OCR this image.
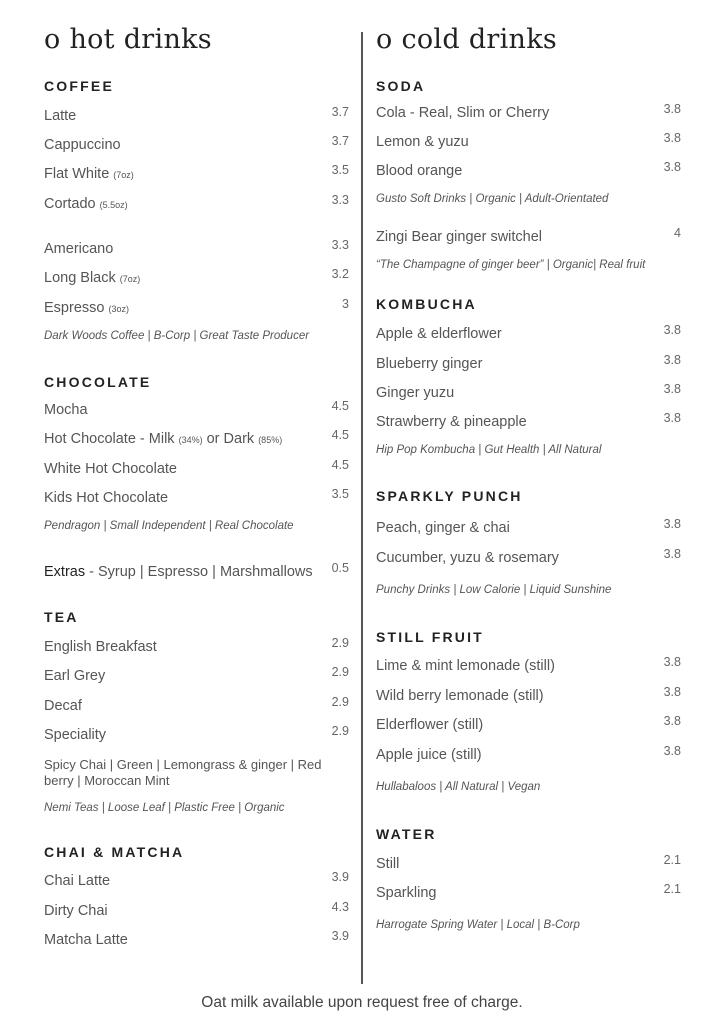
o hot drinks
COFFEE
Latte	3.7
Cappuccino	3.7
Flat White (7oz)	3.5
Cortado (5.5oz)	3.3
Americano	3.3
Long Black (7oz)	3.2
Espresso (3oz)	3
Dark Woods Coffee | B-Corp | Great Taste Producer
CHOCOLATE
Mocha	4.5
Hot Chocolate - Milk (34%) or Dark (85%)	4.5
White Hot Chocolate	4.5
Kids Hot Chocolate	3.5
Pendragon | Small Independent | Real Chocolate
Extras - Syrup | Espresso | Marshmallows 0.5
TEA
English Breakfast	2.9
Earl Grey	2.9
Decaf	2.9
Speciality	2.9
Spicy Chai | Green | Lemongrass & ginger | Red berry | Moroccan Mint
Nemi Teas | Loose Leaf | Plastic Free | Organic
CHAI & MATCHA
Chai Latte	3.9
Dirty Chai	4.3
Matcha Latte	3.9
o cold drinks
SODA
Cola - Real, Slim or Cherry	3.8
Lemon & yuzu	3.8
Blood orange	3.8
Gusto Soft Drinks | Organic | Adult-Orientated
Zingi Bear ginger switchel	4
“The Champagne of ginger beer” | Organic| Real fruit
KOMBUCHA
Apple & elderflower	3.8
Blueberry ginger	3.8
Ginger yuzu	3.8
Strawberry & pineapple	3.8
Hip Pop Kombucha | Gut Health | All Natural
SPARKLY PUNCH
Peach, ginger & chai	3.8
Cucumber, yuzu & rosemary	3.8
Punchy Drinks | Low Calorie | Liquid Sunshine
STILL FRUIT
Lime & mint lemonade (still)	3.8
Wild berry lemonade (still)	3.8
Elderflower (still)	3.8
Apple juice (still)	3.8
Hullabaloos | All Natural | Vegan
WATER
Still	2.1
Sparkling	2.1
Harrogate Spring Water | Local | B-Corp
Oat milk available upon request free of charge.
